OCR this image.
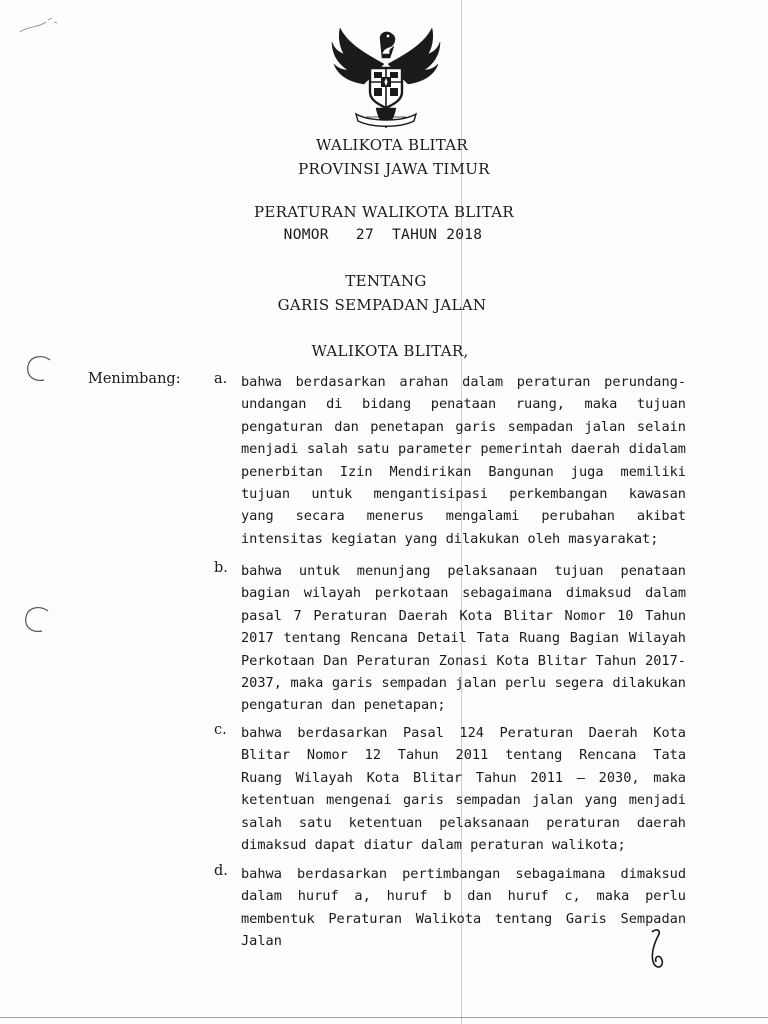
WALIKOTA BLITAR
PROVINSI JAWA TIMUR
PERATURAN WALIKOTA BLITAR
NOMOR   27  TAHUN 2018
TENTANG
GARIS SEMPADAN JALAN
WALIKOTA BLITAR,
Menimbang: a. bahwa berdasarkan arahan dalam peraturan perundang-
undangan di bidang penataan ruang, maka tujuan
pengaturan dan penetapan garis sempadan jalan selain
menjadi salah satu parameter pemerintah daerah didalam
penerbitan Izin Mendirikan Bangunan juga memiliki
tujuan untuk mengantisipasi perkembangan kawasan
yang secara menerus mengalami perubahan akibat
intensitas kegiatan yang dilakukan oleh masyarakat;
b. bahwa untuk menunjang pelaksanaan tujuan penataan
bagian wilayah perkotaan sebagaimana dimaksud dalam
pasal 7 Peraturan Daerah Kota Blitar Nomor 10 Tahun
2017 tentang Rencana Detail Tata Ruang Bagian Wilayah
Perkotaan Dan Peraturan Zonasi Kota Blitar Tahun 2017-
2037, maka garis sempadan jalan perlu segera dilakukan
pengaturan dan penetapan;
c. bahwa berdasarkan Pasal 124 Peraturan Daerah Kota
Blitar Nomor 12 Tahun 2011 tentang Rencana Tata
Ruang Wilayah Kota Blitar Tahun 2011 – 2030, maka
ketentuan mengenai garis sempadan jalan yang menjadi
salah satu ketentuan pelaksanaan peraturan daerah
dimaksud dapat diatur dalam peraturan walikota;
d. bahwa berdasarkan pertimbangan sebagaimana dimaksud
dalam huruf a, huruf b dan huruf c, maka perlu
membentuk Peraturan Walikota tentang Garis Sempadan
Jalan
